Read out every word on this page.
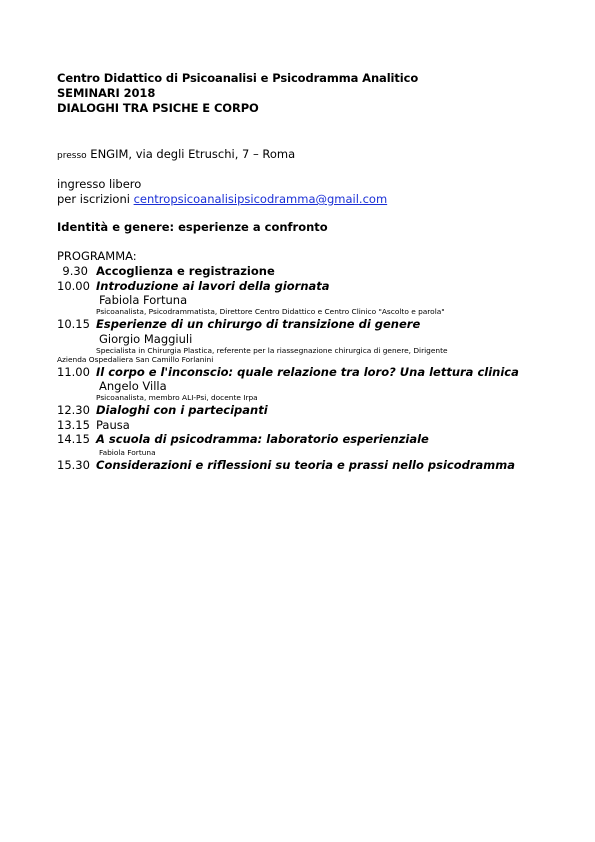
Centro Didattico di Psicoanalisi e Psicodramma Analitico
SEMINARI 2018
DIALOGHI TRA PSICHE E CORPO
presso ENGIM, via degli Etruschi, 7 – Roma
ingresso libero
per iscrizioni centropsicoanalisipsicodramma@gmail.com
Identità e genere: esperienze a confronto
PROGRAMMA:
9.30 Accoglienza e registrazione
10.00 Introduzione ai lavori della giornata
Fabiola Fortuna
Psicoanalista, Psicodrammatista, Direttore Centro Didattico e Centro Clinico "Ascolto e parola"
10.15 Esperienze di un chirurgo di transizione di genere
Giorgio Maggiuli
Specialista in Chirurgia Plastica, referente per la riassegnazione chirurgica di genere, Dirigente
Azienda Ospedaliera San Camillo Forlanini
11.00 Il corpo e l'inconscio: quale relazione tra loro? Una lettura clinica
Angelo Villa
Psicoanalista, membro ALI-Psi, docente Irpa
12.30 Dialoghi con i partecipanti
13.15 Pausa
14.15 A scuola di psicodramma: laboratorio esperienziale
Fabiola Fortuna
15.30 Considerazioni e riflessioni su teoria e prassi nello psicodramma
